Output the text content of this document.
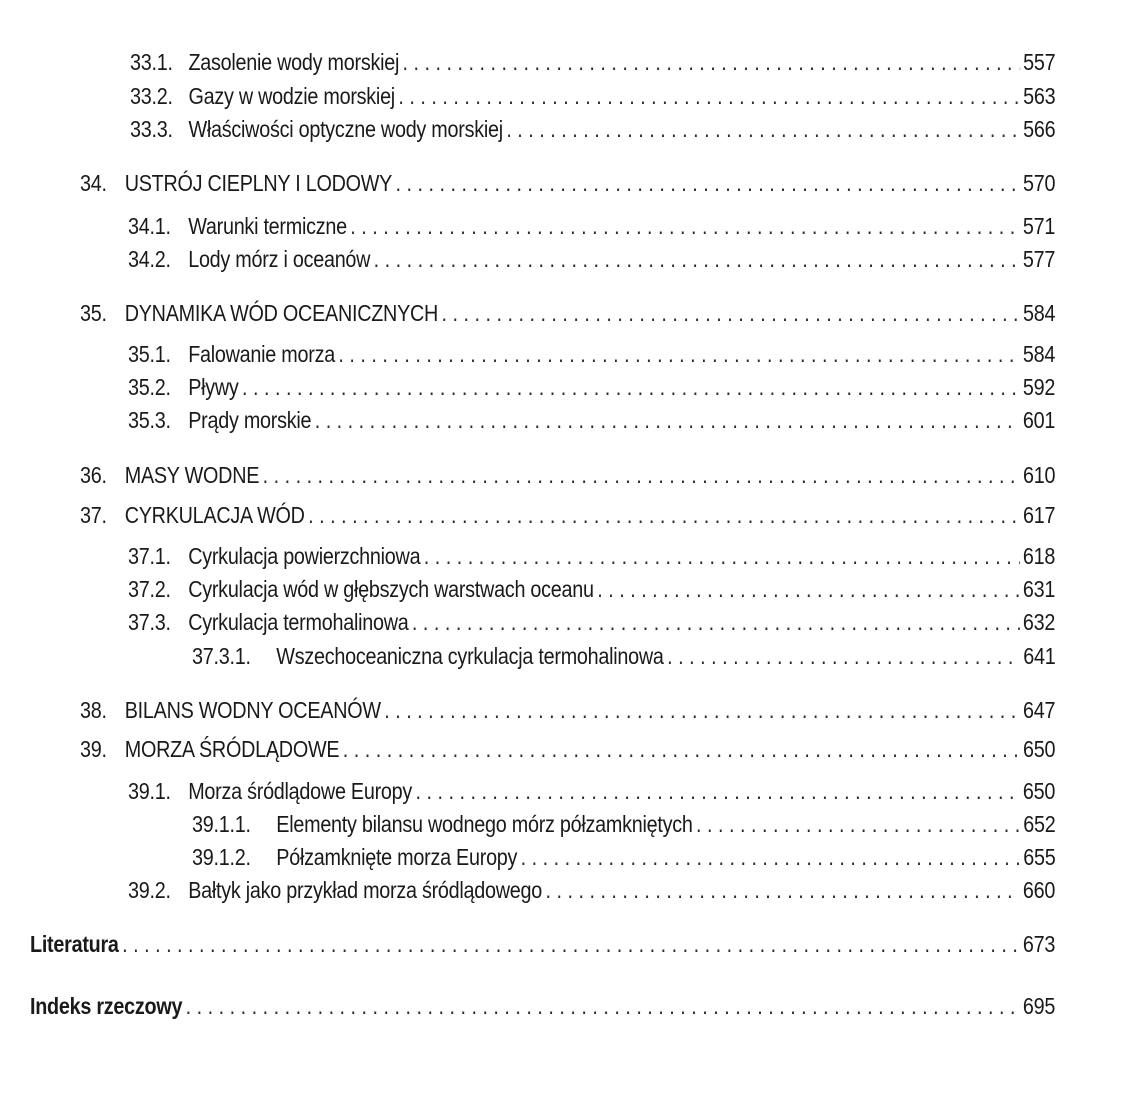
33.1. Zasolenie wody morskiej . . .	557
33.2. Gazy w wodzie morskiej . . .	563
33.3. Właściwości optyczne wody morskiej . . .	566
34. USTRÓJ CIEPLNY I LODOWY . . .	570
34.1. Warunki termiczne . . .	571
34.2. Lody mórz i oceanów . . .	577
35. DYNAMIKA WÓD OCEANICZNYCH . . .	584
35.1. Falowanie morza . . .	584
35.2. Pływy . . .	592
35.3. Prądy morskie . . .	601
36. MASY WODNE . . .	610
37. CYRKULACJA WÓD . . .	617
37.1. Cyrkulacja powierzchniowa . . .	618
37.2. Cyrkulacja wód w głębszych warstwach oceanu . . .	631
37.3. Cyrkulacja termohalinowa . . .	632
37.3.1.	Wszechoceaniczna cyrkulacja termohalinowa . . .	641
38. BILANS WODNY OCEANÓW . . .	647
39. MORZA ŚRÓDLĄDOWE . . .	650
39.1. Morza śródlądowe Europy . . .	650
39.1.1.	Elementy bilansu wodnego mórz półzamkniętych . . .	652
39.1.2.	Półzamknięte morza Europy . . .	655
39.2. Bałtyk jako przykład morza śródlądowego . . .	660
Literatura . . .	673
Indeks rzeczowy . . .	695
